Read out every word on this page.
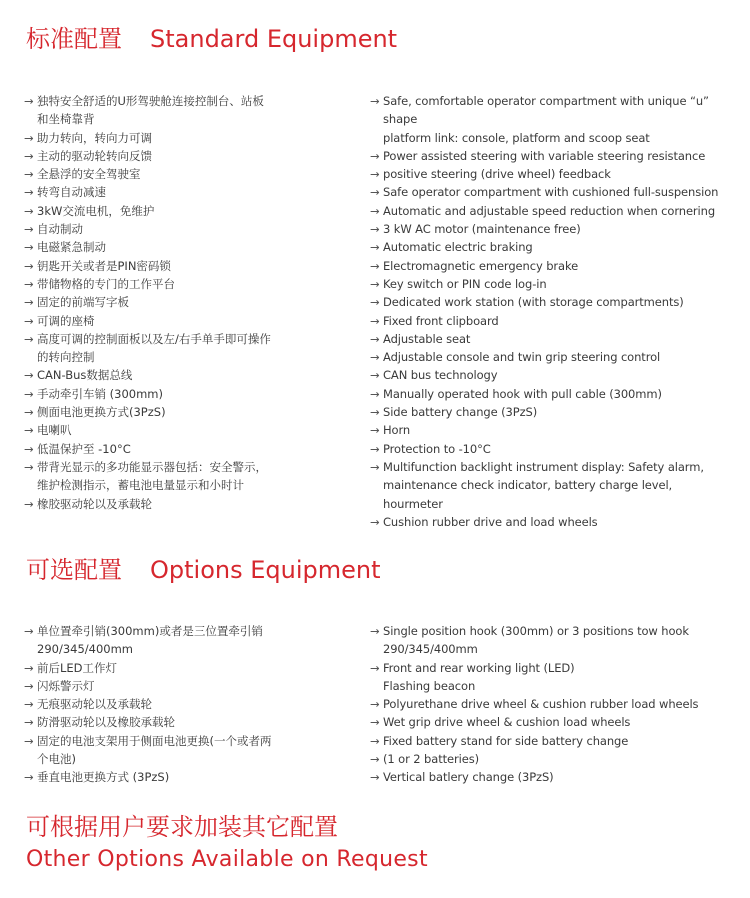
标准配置 Standard Equipment
→ 独特安全舒适的U形驾驶舱连接控制台、站板
和坐椅靠背
→ 助力转向，转向力可调
→ 主动的驱动轮转向反馈
→ 全悬浮的安全驾驶室
→ 转弯自动减速
→ 3kW交流电机，免维护
→ 自动制动
→ 电磁紧急制动
→ 钥匙开关或者是PIN密码锁
→ 带储物格的专门的工作平台
→ 固定的前端写字板
→ 可调的座椅
→ 高度可调的控制面板以及左/右手单手即可操作
的转向控制
→ CAN-Bus数据总线
→ 手动牵引车销 (300mm)
→ 侧面电池更换方式(3PzS)
→ 电喇叭
→ 低温保护至 -10°C
→ 带背光显示的多功能显示器包括：安全警示，
维护检测指示，蓄电池电量显示和小时计
→ 橡胶驱动轮以及承载轮
→ Safe, comfortable operator compartment with unique “u” shape
platform link: console, platform and scoop seat
→ Power assisted steering with variable steering resistance
→ positive steering (drive wheel) feedback
→ Safe operator compartment with cushioned full-suspension
→ Automatic and adjustable speed reduction when cornering
→ 3 kW AC motor (maintenance free)
→ Automatic electric braking
→ Electromagnetic emergency brake
→ Key switch or PIN code log-in
→ Dedicated work station (with storage compartments)
→ Fixed front clipboard
→ Adjustable seat
→ Adjustable console and twin grip steering control
→ CAN bus technology
→ Manually operated hook with pull cable (300mm)
→ Side battery change (3PzS)
→ Horn
→ Protection to -10°C
→ Multifunction backlight instrument display: Safety alarm,
maintenance check indicator, battery charge level, hourmeter
→ Cushion rubber drive and load wheels
可选配置 Options Equipment
→ 单位置牵引销(300mm)或者是三位置牵引销
290/345/400mm
→ 前后LED工作灯
→ 闪烁警示灯
→ 无痕驱动轮以及承载轮
→ 防滑驱动轮以及橡胶承载轮
→ 固定的电池支架用于侧面电池更换(一个或者两
个电池)
→ 垂直电池更换方式 (3PzS)
→ Single position hook (300mm) or 3 positions tow hook
290/345/400mm
→ Front and rear working light (LED)
Flashing beacon
→ Polyurethane drive wheel & cushion rubber load wheels
→ Wet grip drive wheel & cushion load wheels
→ Fixed battery stand for side battery change
→ (1 or 2 batteries)
→ Vertical batlery change (3PzS)
可根据用户要求加装其它配置
Other Options Available on Request
